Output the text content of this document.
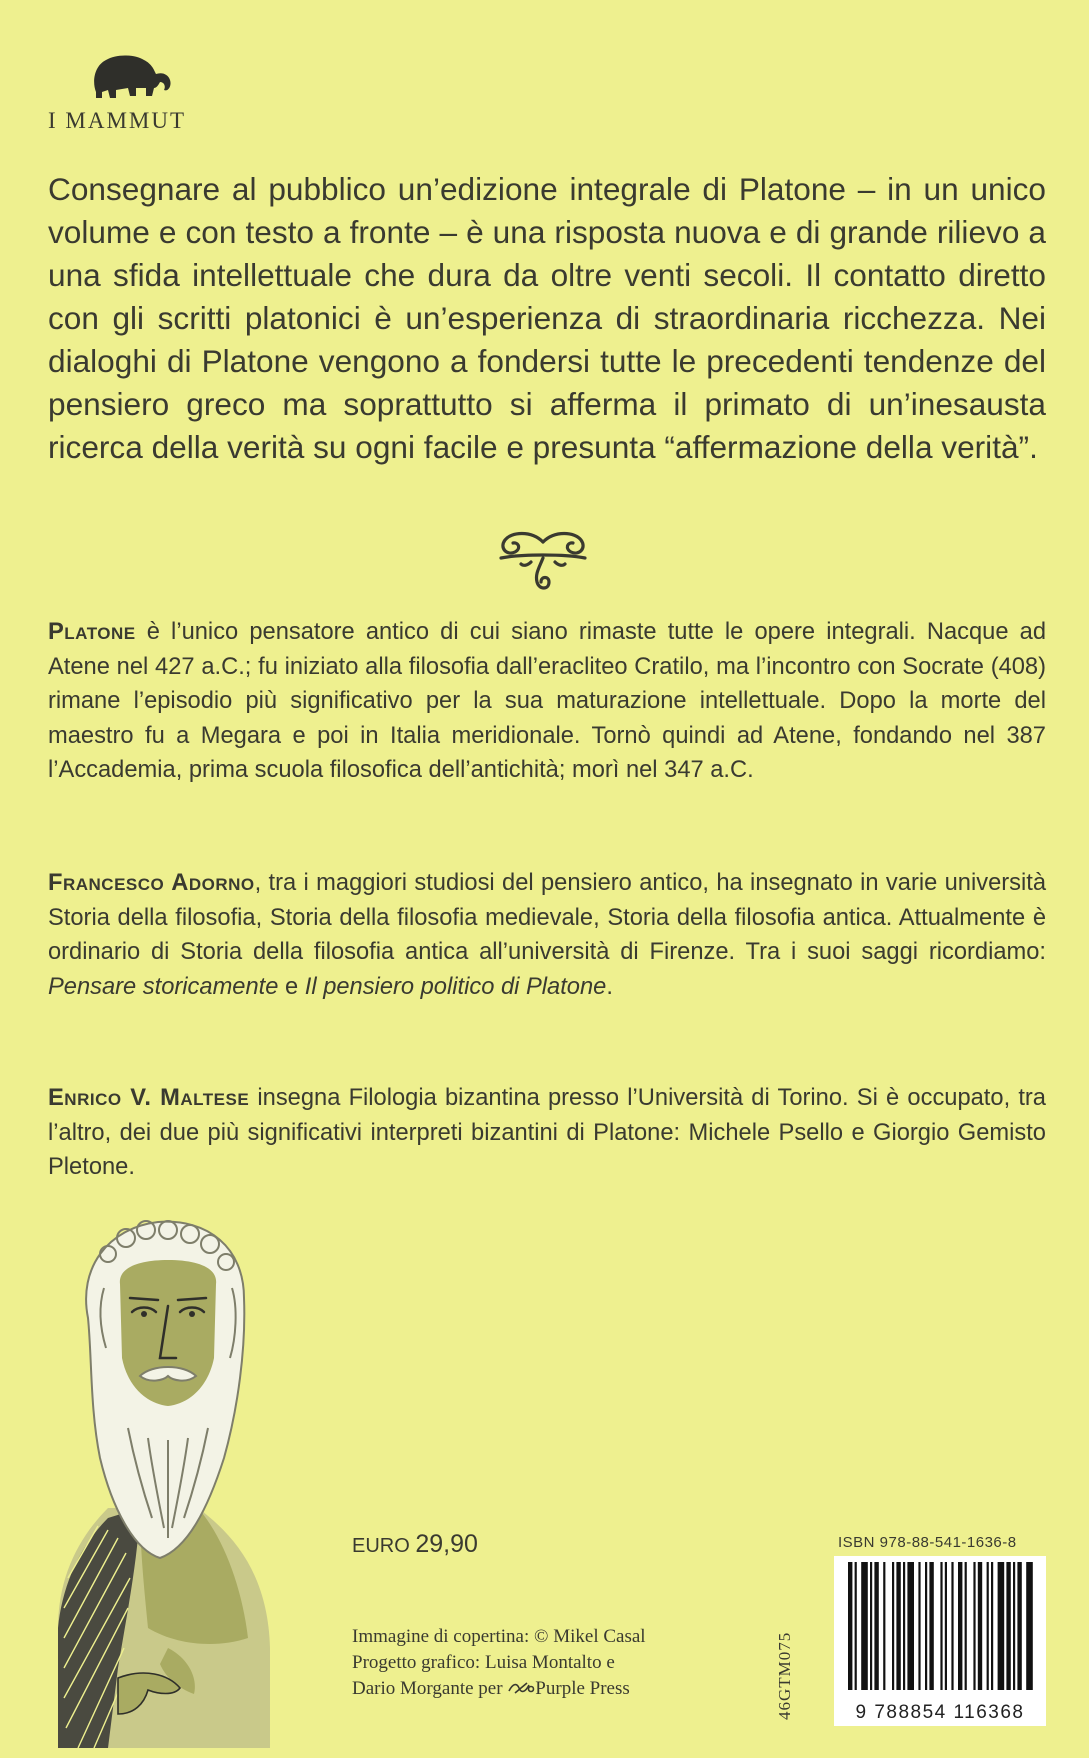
I MAMMUT
Consegnare al pubblico un’edizione integrale di Platone – in un unico volume e con testo a fronte – è una risposta nuova e di grande rilievo a una sfida intellettuale che dura da oltre venti secoli. Il contatto diretto con gli scritti platonici è un’esperienza di straordinaria ricchezza. Nei dialoghi di Platone vengono a fondersi tutte le precedenti tendenze del pensiero greco ma soprattutto si afferma il primato di un’inesausta ricerca della verità su ogni facile e presunta “affermazione della verità”.
Platone è l’unico pensatore antico di cui siano rimaste tutte le opere integrali. Nacque ad Atene nel 427 a.C.; fu iniziato alla filosofia dall’eracliteo Cratilo, ma l’incontro con Socrate (408) rimane l’episodio più significativo per la sua maturazione intellettuale. Dopo la morte del maestro fu a Megara e poi in Italia meridionale. Tornò quindi ad Atene, fondando nel 387 l’Accademia, prima scuola filosofica dell’antichità; morì nel 347 a.C.
Francesco Adorno, tra i maggiori studiosi del pensiero antico, ha insegnato in varie università Storia della filosofia, Storia della filosofia medievale, Storia della filosofia antica. Attualmente è ordinario di Storia della filosofia antica all’università di Firenze. Tra i suoi saggi ricordiamo: Pensare storicamente e Il pensiero politico di Platone.
Enrico V. Maltese insegna Filologia bizantina presso l’Università di Torino. Si è occupato, tra l’altro, dei due più significativi interpreti bizantini di Platone: Michele Psello e Giorgio Gemisto Pletone.
EURO 29,90
Immagine di copertina: © Mikel Casal
Progetto grafico: Luisa Montalto e
Dario Morgante per Purple Press	46GTM075
ISBN 978-88-541-1636-8
9 788854 116368
